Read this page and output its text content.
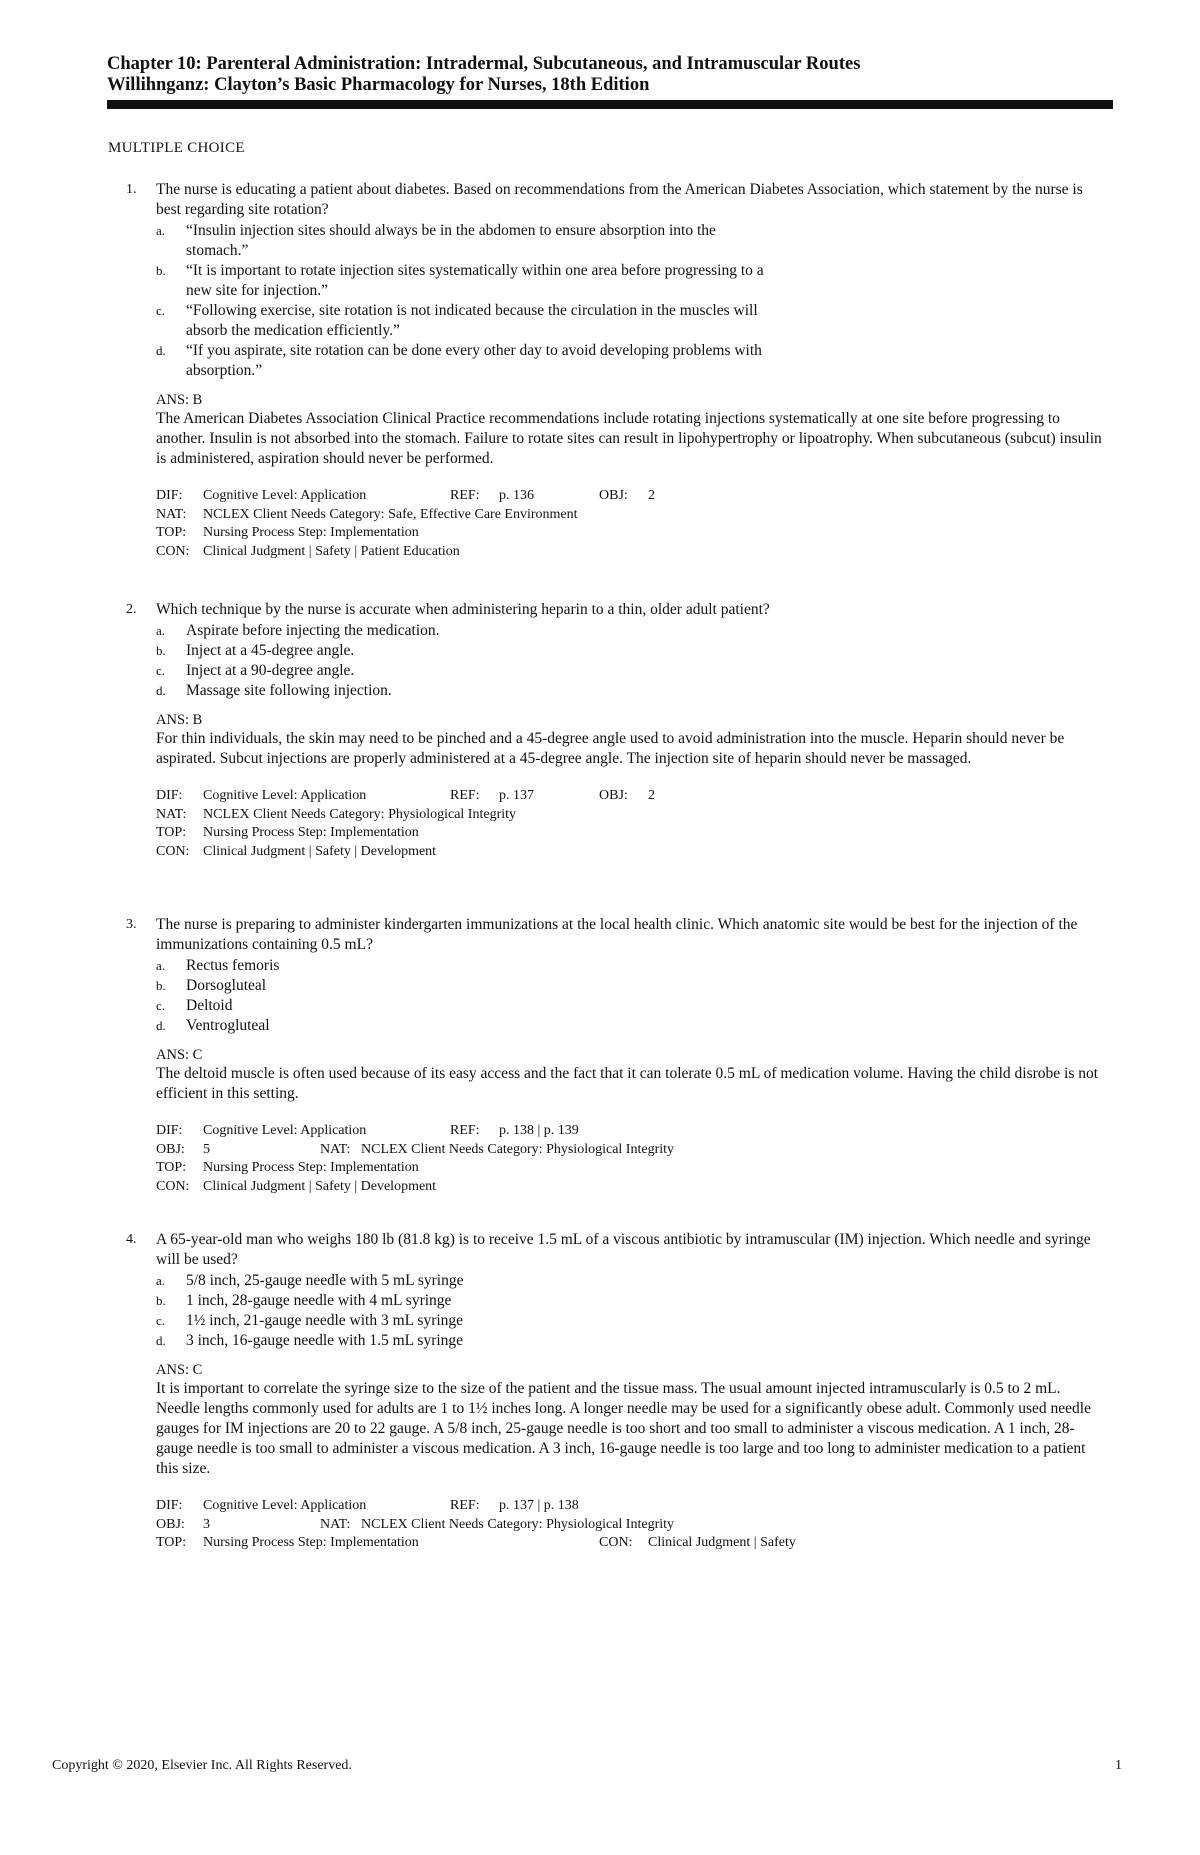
Chapter 10: Parenteral Administration: Intradermal, Subcutaneous, and Intramuscular Routes
Willihnganz: Clayton’s Basic Pharmacology for Nurses, 18th Edition
MULTIPLE CHOICE
1.	The nurse is educating a patient about diabetes. Based on recommendations from the American Diabetes Association, which statement by the nurse is best regarding site rotation?
a. “Insulin injection sites should always be in the abdomen to ensure absorption into the stomach.”
b. “It is important to rotate injection sites systematically within one area before progressing to a new site for injection.”
c. “Following exercise, site rotation is not indicated because the circulation in the muscles will absorb the medication efficiently.”
d. “If you aspirate, site rotation can be done every other day to avoid developing problems with absorption.”
ANS: B
The American Diabetes Association Clinical Practice recommendations include rotating injections systematically at one site before progressing to another. Insulin is not absorbed into the stomach. Failure to rotate sites can result in lipohypertrophy or lipoatrophy. When subcutaneous (subcut) insulin is administered, aspiration should never be performed.
DIF: Cognitive Level: Application	REF: p. 136	OBJ: 2
NAT: NCLEX Client Needs Category: Safe, Effective Care Environment
TOP: Nursing Process Step: Implementation
CON: Clinical Judgment | Safety | Patient Education
2.	Which technique by the nurse is accurate when administering heparin to a thin, older adult patient?
a. Aspirate before injecting the medication.
b. Inject at a 45-degree angle.
c. Inject at a 90-degree angle.
d. Massage site following injection.
ANS: B
For thin individuals, the skin may need to be pinched and a 45-degree angle used to avoid administration into the muscle. Heparin should never be aspirated. Subcut injections are properly administered at a 45-degree angle. The injection site of heparin should never be massaged.
DIF: Cognitive Level: Application	REF: p. 137	OBJ: 2
NAT: NCLEX Client Needs Category: Physiological Integrity
TOP: Nursing Process Step: Implementation
CON: Clinical Judgment | Safety | Development
3.	The nurse is preparing to administer kindergarten immunizations at the local health clinic. Which anatomic site would be best for the injection of the immunizations containing 0.5 mL?
a. Rectus femoris
b. Dorsogluteal
c. Deltoid
d. Ventrogluteal
ANS: C
The deltoid muscle is often used because of its easy access and the fact that it can tolerate 0.5 mL of medication volume. Having the child disrobe is not efficient in this setting.
DIF: Cognitive Level: Application	REF: p. 138 | p. 139
OBJ: 5	NAT: NCLEX Client Needs Category: Physiological Integrity
TOP: Nursing Process Step: Implementation
CON: Clinical Judgment | Safety | Development
4.	A 65-year-old man who weighs 180 lb (81.8 kg) is to receive 1.5 mL of a viscous antibiotic by intramuscular (IM) injection. Which needle and syringe will be used?
a. 5/8 inch, 25-gauge needle with 5 mL syringe
b. 1 inch, 28-gauge needle with 4 mL syringe
c. 1½ inch, 21-gauge needle with 3 mL syringe
d. 3 inch, 16-gauge needle with 1.5 mL syringe
ANS: C
It is important to correlate the syringe size to the size of the patient and the tissue mass. The usual amount injected intramuscularly is 0.5 to 2 mL. Needle lengths commonly used for adults are 1 to 1½ inches long. A longer needle may be used for a significantly obese adult. Commonly used needle gauges for IM injections are 20 to 22 gauge. A 5/8 inch, 25-gauge needle is too short and too small to administer a viscous medication. A 1 inch, 28-gauge needle is too small to administer a viscous medication. A 3 inch, 16-gauge needle is too large and too long to administer medication to a patient this size.
DIF: Cognitive Level: Application	REF: p. 137 | p. 138
OBJ: 3	NAT: NCLEX Client Needs Category: Physiological Integrity
TOP: Nursing Process Step: Implementation	CON: Clinical Judgment | Safety
Copyright © 2020, Elsevier Inc. All Rights Reserved.	1
